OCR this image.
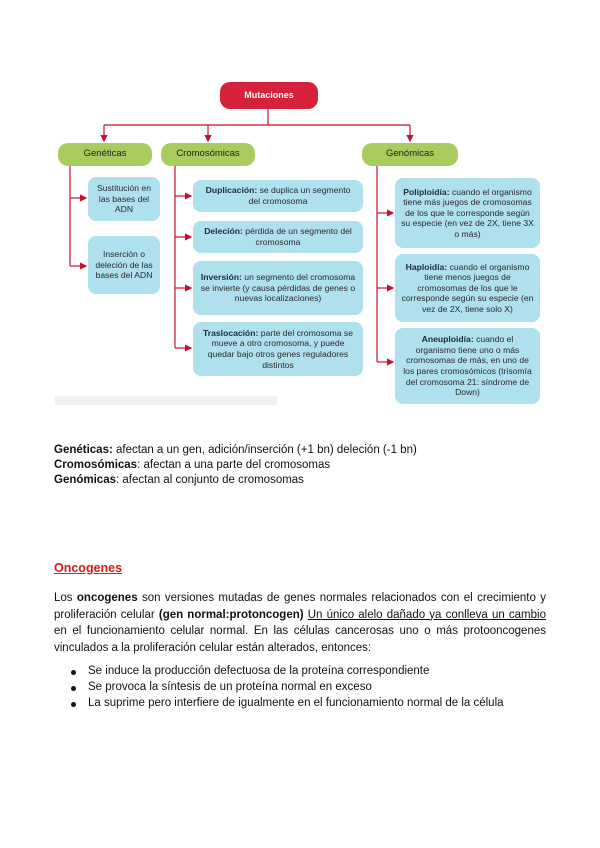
Mutaciones
Genéticas	Cromosómicas	Genómicas
Sustitución en las bases del ADN
Inserción o deleción de las bases del ADN
Duplicación: se duplica un segmento del cromosoma
Deleción: pérdida de un segmento del cromosoma
Inversión: un segmento del cromosoma se invierte (y causa pérdidas de genes o nuevas localizaciones)
Traslocación: parte del cromosoma se mueve a otro cromosoma, y puede quedar bajo otros genes reguladores distintos
Poliploidía: cuando el organismo tiene más juegos de cromosomas de los que le corresponde según su especie (en vez de 2X, tiene 3X o más)
Haploidía: cuando el organismo tiene menos juegos de cromosomas de los que le corresponde según su especie (en vez de 2X, tiene solo X)
Aneuploidía: cuando el organismo tiene uno o más cromosomas de más, en uno de los pares cromosómicos (trisomía del cromosoma 21: síndrome de Down)
Genéticas: afectan a un gen, adición/inserción (+1 bn) deleción (-1 bn)
Cromosómicas: afectan a una parte del cromosomas
Genómicas: afectan al conjunto de cromosomas
Oncogenes
Los oncogenes son versiones mutadas de genes normales relacionados con el crecimiento y proliferación celular (gen normal:protoncogen) Un único alelo dañado ya conlleva un cambio en el funcionamiento celular normal. En las células cancerosas uno o más protooncogenes vinculados a la proliferación celular están alterados, entonces:
Se induce la producción defectuosa de la proteína correspondiente
Se provoca la síntesis de un proteína normal en exceso
La suprime pero interfiere de igualmente en el funcionamiento normal de la célula
